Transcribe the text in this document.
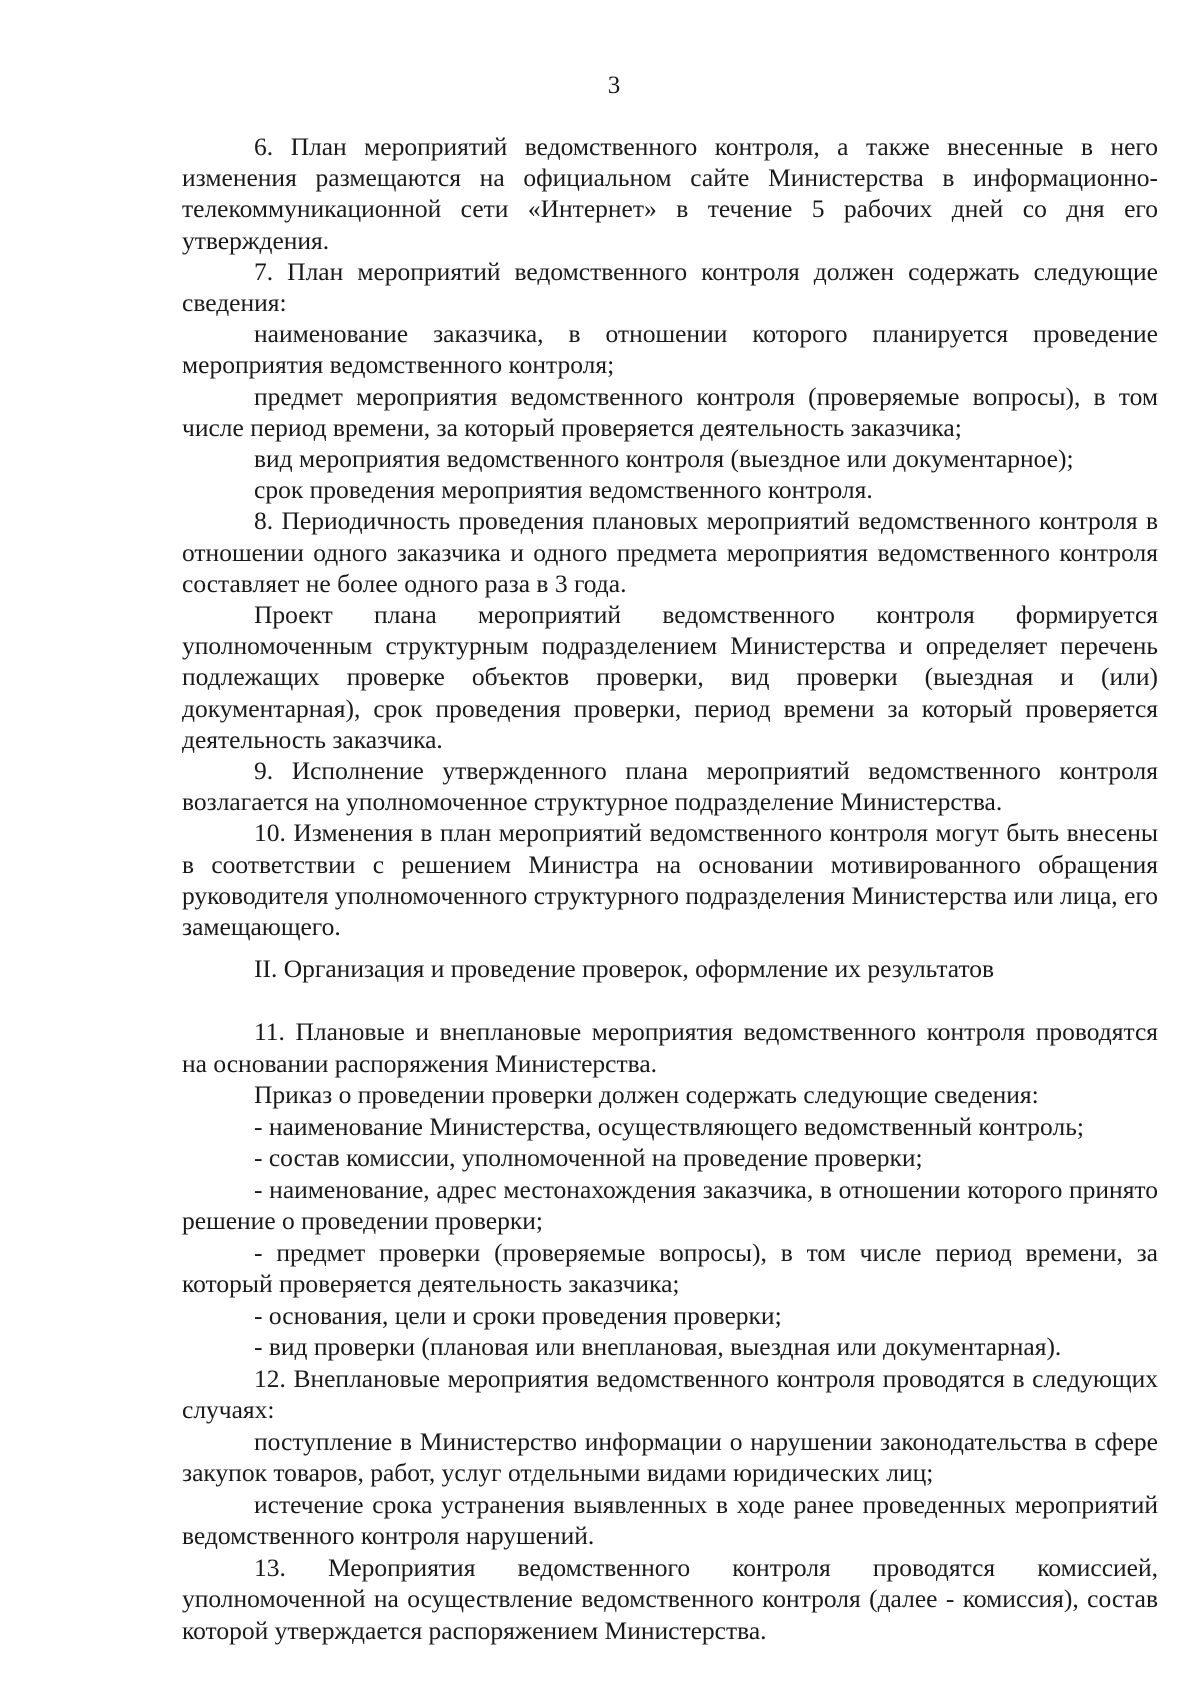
3

6. План мероприятий ведомственного контроля, а также внесенные в него изменения размещаются на официальном сайте Министерства в информационно-телекоммуникационной сети «Интернет» в течение 5 рабочих дней со дня его утверждения.

7. План мероприятий ведомственного контроля должен содержать следующие сведения:

наименование заказчика, в отношении которого планируется проведение мероприятия ведомственного контроля;

предмет мероприятия ведомственного контроля (проверяемые вопросы), в том числе период времени, за который проверяется деятельность заказчика;

вид мероприятия ведомственного контроля (выездное или документарное);

срок проведения мероприятия ведомственного контроля.

8. Периодичность проведения плановых мероприятий ведомственного контроля в отношении одного заказчика и одного предмета мероприятия ведомственного контроля составляет не более одного раза в 3 года.

Проект плана мероприятий ведомственного контроля формируется уполномоченным структурным подразделением Министерства и определяет перечень подлежащих проверке объектов проверки, вид проверки (выездная и (или) документарная), срок проведения проверки, период времени за который проверяется деятельность заказчика.

9. Исполнение утвержденного плана мероприятий ведомственного контроля возлагается на уполномоченное структурное подразделение Министерства.

10. Изменения в план мероприятий ведомственного контроля могут быть внесены в соответствии с решением Министра на основании мотивированного обращения руководителя уполномоченного структурного подразделения Министерства или лица, его замещающего.

II. Организация и проведение проверок, оформление их результатов

11. Плановые и внеплановые мероприятия ведомственного контроля проводятся на основании распоряжения Министерства.

Приказ о проведении проверки должен содержать следующие сведения:

- наименование Министерства, осуществляющего ведомственный контроль;

- состав комиссии, уполномоченной на проведение проверки;

- наименование, адрес местонахождения заказчика, в отношении которого принято решение о проведении проверки;

- предмет проверки (проверяемые вопросы), в том числе период времени, за который проверяется деятельность заказчика;

- основания, цели и сроки проведения проверки;

- вид проверки (плановая или внеплановая, выездная или документарная).

12. Внеплановые мероприятия ведомственного контроля проводятся в следующих случаях:

поступление в Министерство информации о нарушении законодательства в сфере закупок товаров, работ, услуг отдельными видами юридических лиц;

истечение срока устранения выявленных в ходе ранее проведенных мероприятий ведомственного контроля нарушений.

13. Мероприятия ведомственного контроля проводятся комиссией, уполномоченной на осуществление ведомственного контроля (далее - комиссия), состав которой утверждается распоряжением Министерства.
